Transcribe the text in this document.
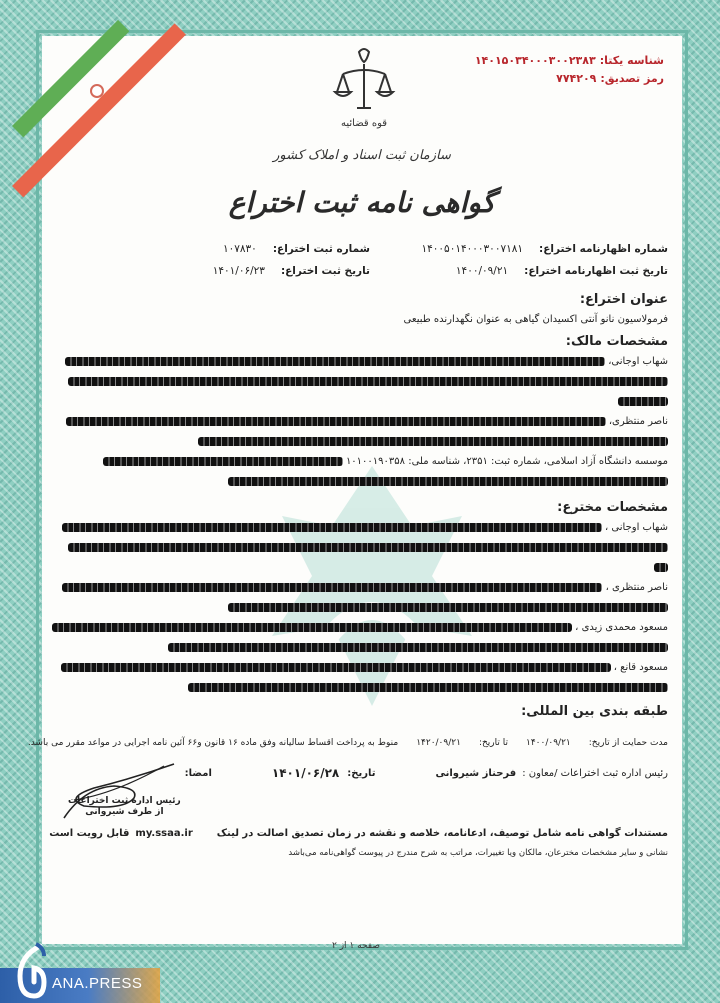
شناسه یکتا:
۱۴۰۱۵۰۳۴۰۰۰۳۰۰۲۳۸۳
رمز تصدیق:
۷۷۴۲۰۹
قوه قضائیه
سازمان ثبت اسناد و املاک کشور
گواهی نامه ثبت اختراع
شماره اظهارنامه اختراع:
۱۴۰۰۵۰۱۴۰۰۰۳۰۰۷۱۸۱
تاریخ ثبت اظهارنامه اختراع:
۱۴۰۰/۰۹/۲۱
شماره ثبت اختراع:
۱۰۷۸۳۰
تاریخ ثبت اختراع:
۱۴۰۱/۰۶/۲۳
عنوان اختراع:
فرمولاسیون نانو آنتی اکسیدان گیاهی به عنوان نگهدارنده طبیعی
مشخصات مالک:
شهاب اوجانی،
ناصر منتظری،
موسسه دانشگاه آزاد اسلامی، شماره ثبت: ۲۳۵۱، شناسه ملی: ۱۰۱۰۰۱۹۰۳۵۸
مشخصات مخترع:
شهاب اوجانی ،
ناصر منتظری ،
مسعود محمدی زیدی ،
مسعود قانع ،
طبقه بندی بین المللی:
مدت حمایت از تاریخ:
۱۴۰۰/۰۹/۲۱
تا تاریخ:
۱۴۲۰/۰۹/۲۱
منوط به پرداخت اقساط سالیانه وفق ماده ۱۶ قانون و۶۶ آئین نامه اجرایی در مواعد مقرر می باشد.
رئیس اداره ثبت اختراعات /معاون :
فرحناز شیروانی
تاریخ:
۱۴۰۱/۰۶/۲۸
امضا:
رئیس اداره ثبت اختراعات
از طرف شیروانی
مستندات گواهی نامه شامل توصیف، ادعانامه، خلاصه و نقشه در زمان تصدیق اصالت در لینک
my.ssaa.ir
قابل رویت است
نشانی و سایر مشخصات مخترعان، مالکان ویا تغییرات، مراتب به شرح مندرج در پیوست گواهی‌نامه می‌باشد
صفحه ۱ از ۲
ANA.PRESS
